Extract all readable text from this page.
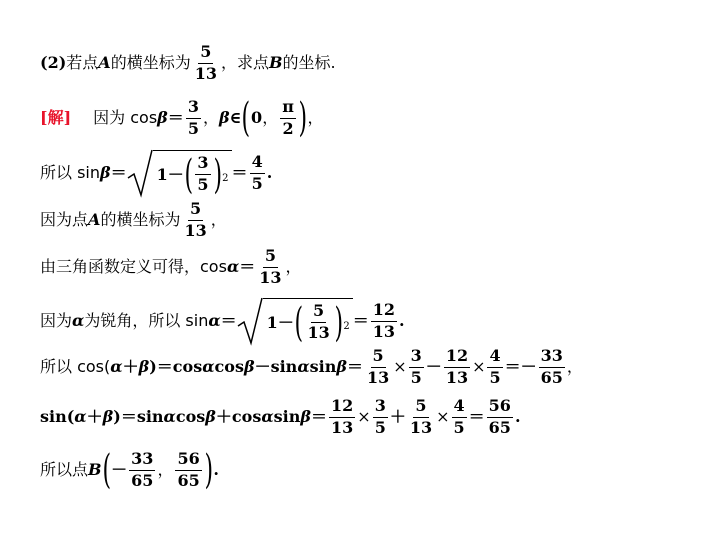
(2) 若点 A 的横坐标为 $\frac{5}{13}$ ，求点 B 的坐标.
[解] 因为 $\cos \beta = \frac{3}{5}$ ， β ∈ ( 0 ， $\frac{\pi}{2}$ ) ，
所以 sin β ＝ 1 － ( $\frac{3}{5} )^2 = \frac{4}{5}$ .
因为点 A 的横坐标为 $\frac{5}{13}$ ，
由三角函数定义可得，$\cos \alpha = \frac{5}{13}$ ，
因为 α 为锐角，所以 sin α ＝ 1 － ( $\frac{5}{13} )^2 = \frac{12}{13}$ .
所以 cos( α ＋ β )＝cos α cos β －sin α $\sin \beta = \frac{5}{13} \times \frac{3}{5} - \frac{12}{13} \times \frac{4}{5} =- \frac{33}{65}$ ，
sin( α ＋ β )＝sin α cos β ＋cos α $\sin \beta = \frac{12}{13} \times \frac{3}{5} + \frac{5}{13} \times \frac{4}{5} = \frac{56}{65}$ .
所以点 B ( － $\frac{33}{65}$ ， $\frac{56}{65}$ ) .
